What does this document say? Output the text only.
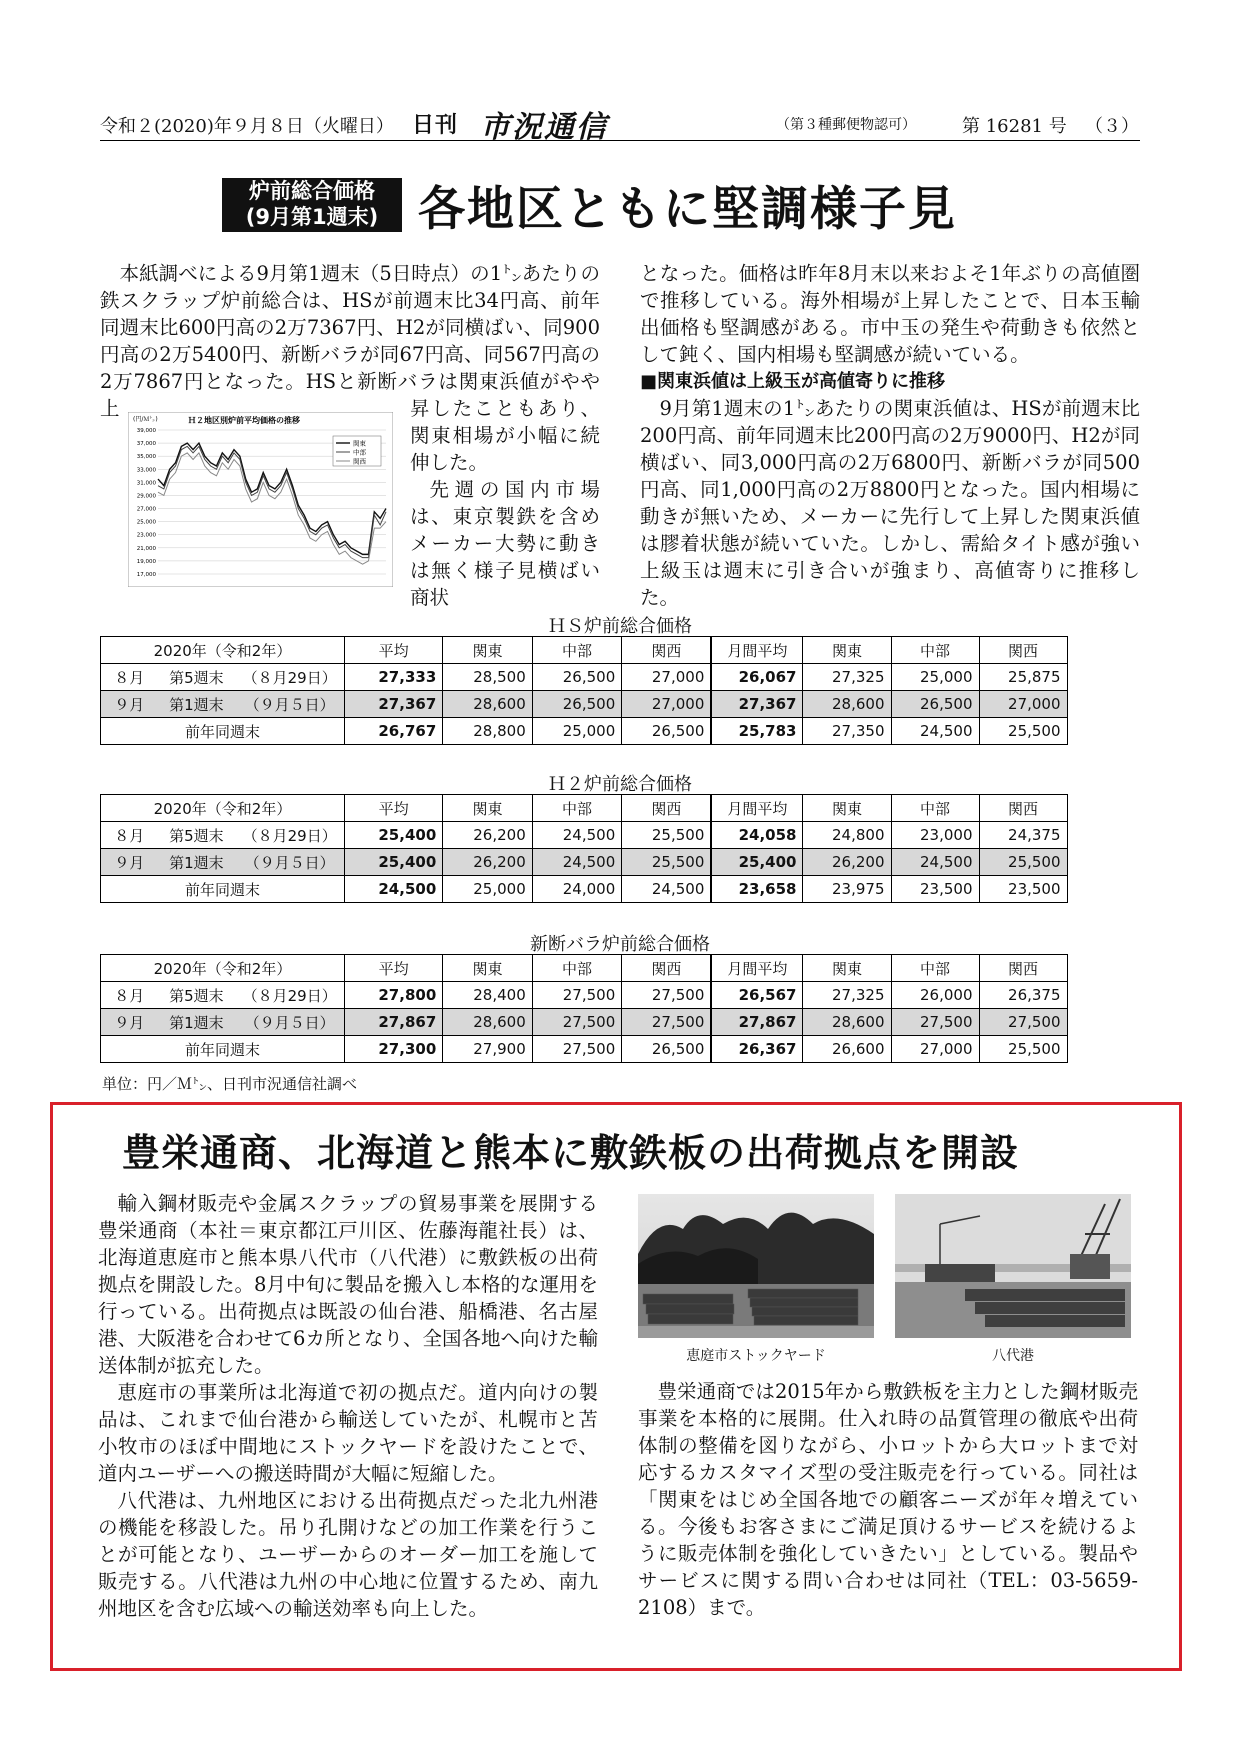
令和２(2020)年９月８日（火曜日） 日刊 市況通信	（第３種郵便物認可）	第 16281 号 （３）
炉前総合価格
(9月第1週末) 各地区ともに堅調様子見

本紙調べによる9月第1週末（5日時点）の1㌧あたりの鉄スクラップ炉前総合は、HSが前週末比34円高、前年同週末比600円高の2万7367円、H2が同横ばい、同900円高の2万5400円、新断バラが同67円高、同567円高の2万7867円となった。HSと新断バラは関東浜値がやや上	昇したこともあり、関東相場が小幅に続伸した。

先週の国内市場は、東京製鉄を含めメーカー大勢に動きは無く様子見横ばい商状

(円/Ｍ㌧)	Ｈ２地区別炉前平均価格の推移
39,000
37,000
35,000
33,000
31,000
29,000
27,000
25,000
23,000
21,000
19,000
17,000
関東
中部
関西

となった。価格は昨年8月末以来およそ1年ぶりの高値圏で推移している。海外相場が上昇したことで、日本玉輸出価格も堅調感がある。市中玉の発生や荷動きも依然として鈍く、国内相場も堅調感が続いている。

■関東浜値は上級玉が高値寄りに推移

9月第1週末の1㌧あたりの関東浜値は、HSが前週末比200円高、前年同週末比200円高の2万9000円、H2が同横ばい、同3,000円高の2万6800円、新断バラが同500円高、同1,000円高の2万8800円となった。国内相場に動きが無いため、メーカーに先行して上昇した関東浜値は膠着状態が続いていた。しかし、需給タイト感が強い上級玉は週末に引き合いが強まり、高値寄りに推移した。

ＨＳ炉前総合価格
2020年（令和2年）			平均	関東	中部	関西	月間平均	関東	中部	関西
８月	第5週末	（８月29日）	27,333	28,500	26,500	27,000	26,067	27,325	25,000	25,875
９月	第1週末	（９月５日）	27,367	28,600	26,500	27,000	27,367	28,600	26,500	27,000
前年同週末			26,767	28,800	25,000	26,500	25,783	27,350	24,500	25,500
Ｈ２炉前総合価格
2020年（令和2年）			平均	関東	中部	関西	月間平均	関東	中部	関西
８月	第5週末	（８月29日）	25,400	26,200	24,500	25,500	24,058	24,800	23,000	24,375
９月	第1週末	（９月５日）	25,400	26,200	24,500	25,500	25,400	26,200	24,500	25,500
前年同週末			24,500	25,000	24,000	24,500	23,658	23,975	23,500	23,500
新断バラ炉前総合価格
2020年（令和2年）			平均	関東	中部	関西	月間平均	関東	中部	関西
８月	第5週末	（８月29日）	27,800	28,400	27,500	27,500	26,567	27,325	26,000	26,375
９月	第1週末	（９月５日）	27,867	28,600	27,500	27,500	27,867	28,600	27,500	27,500
前年同週末			27,300	27,900	27,500	26,500	26,367	26,600	27,000	25,500
単位：円／Ｍ㌧、日刊市況通信社調べ
豊栄通商、北海道と熊本に敷鉄板の出荷拠点を開設

輸入鋼材販売や金属スクラップの貿易事業を展開する豊栄通商（本社＝東京都江戸川区、佐藤海龍社長）は、北海道恵庭市と熊本県八代市（八代港）に敷鉄板の出荷拠点を開設した。8月中旬に製品を搬入し本格的な運用を行っている。出荷拠点は既設の仙台港、船橋港、名古屋港、大阪港を合わせて6カ所となり、全国各地へ向けた輸送体制が拡充した。

恵庭市の事業所は北海道で初の拠点だ。道内向けの製品は、これまで仙台港から輸送していたが、札幌市と苫小牧市のほぼ中間地にストックヤードを設けたことで、道内ユーザーへの搬送時間が大幅に短縮した。

八代港は、九州地区における出荷拠点だった北九州港の機能を移設した。吊り孔開けなどの加工作業を行うことが可能となり、ユーザーからのオーダー加工を施して販売する。八代港は九州の中心地に位置するため、南九州地区を含む広域への輸送効率も向上した。

恵庭市ストックヤード	八代港

豊栄通商では2015年から敷鉄板を主力とした鋼材販売事業を本格的に展開。仕入れ時の品質管理の徹底や出荷体制の整備を図りながら、小ロットから大ロットまで対応するカスタマイズ型の受注販売を行っている。同社は「関東をはじめ全国各地での顧客ニーズが年々増えている。今後もお客さまにご満足頂けるサービスを続けるように販売体制を強化していきたい」としている。製品やサービスに関する問い合わせは同社（TEL：03-5659-2108）まで。
